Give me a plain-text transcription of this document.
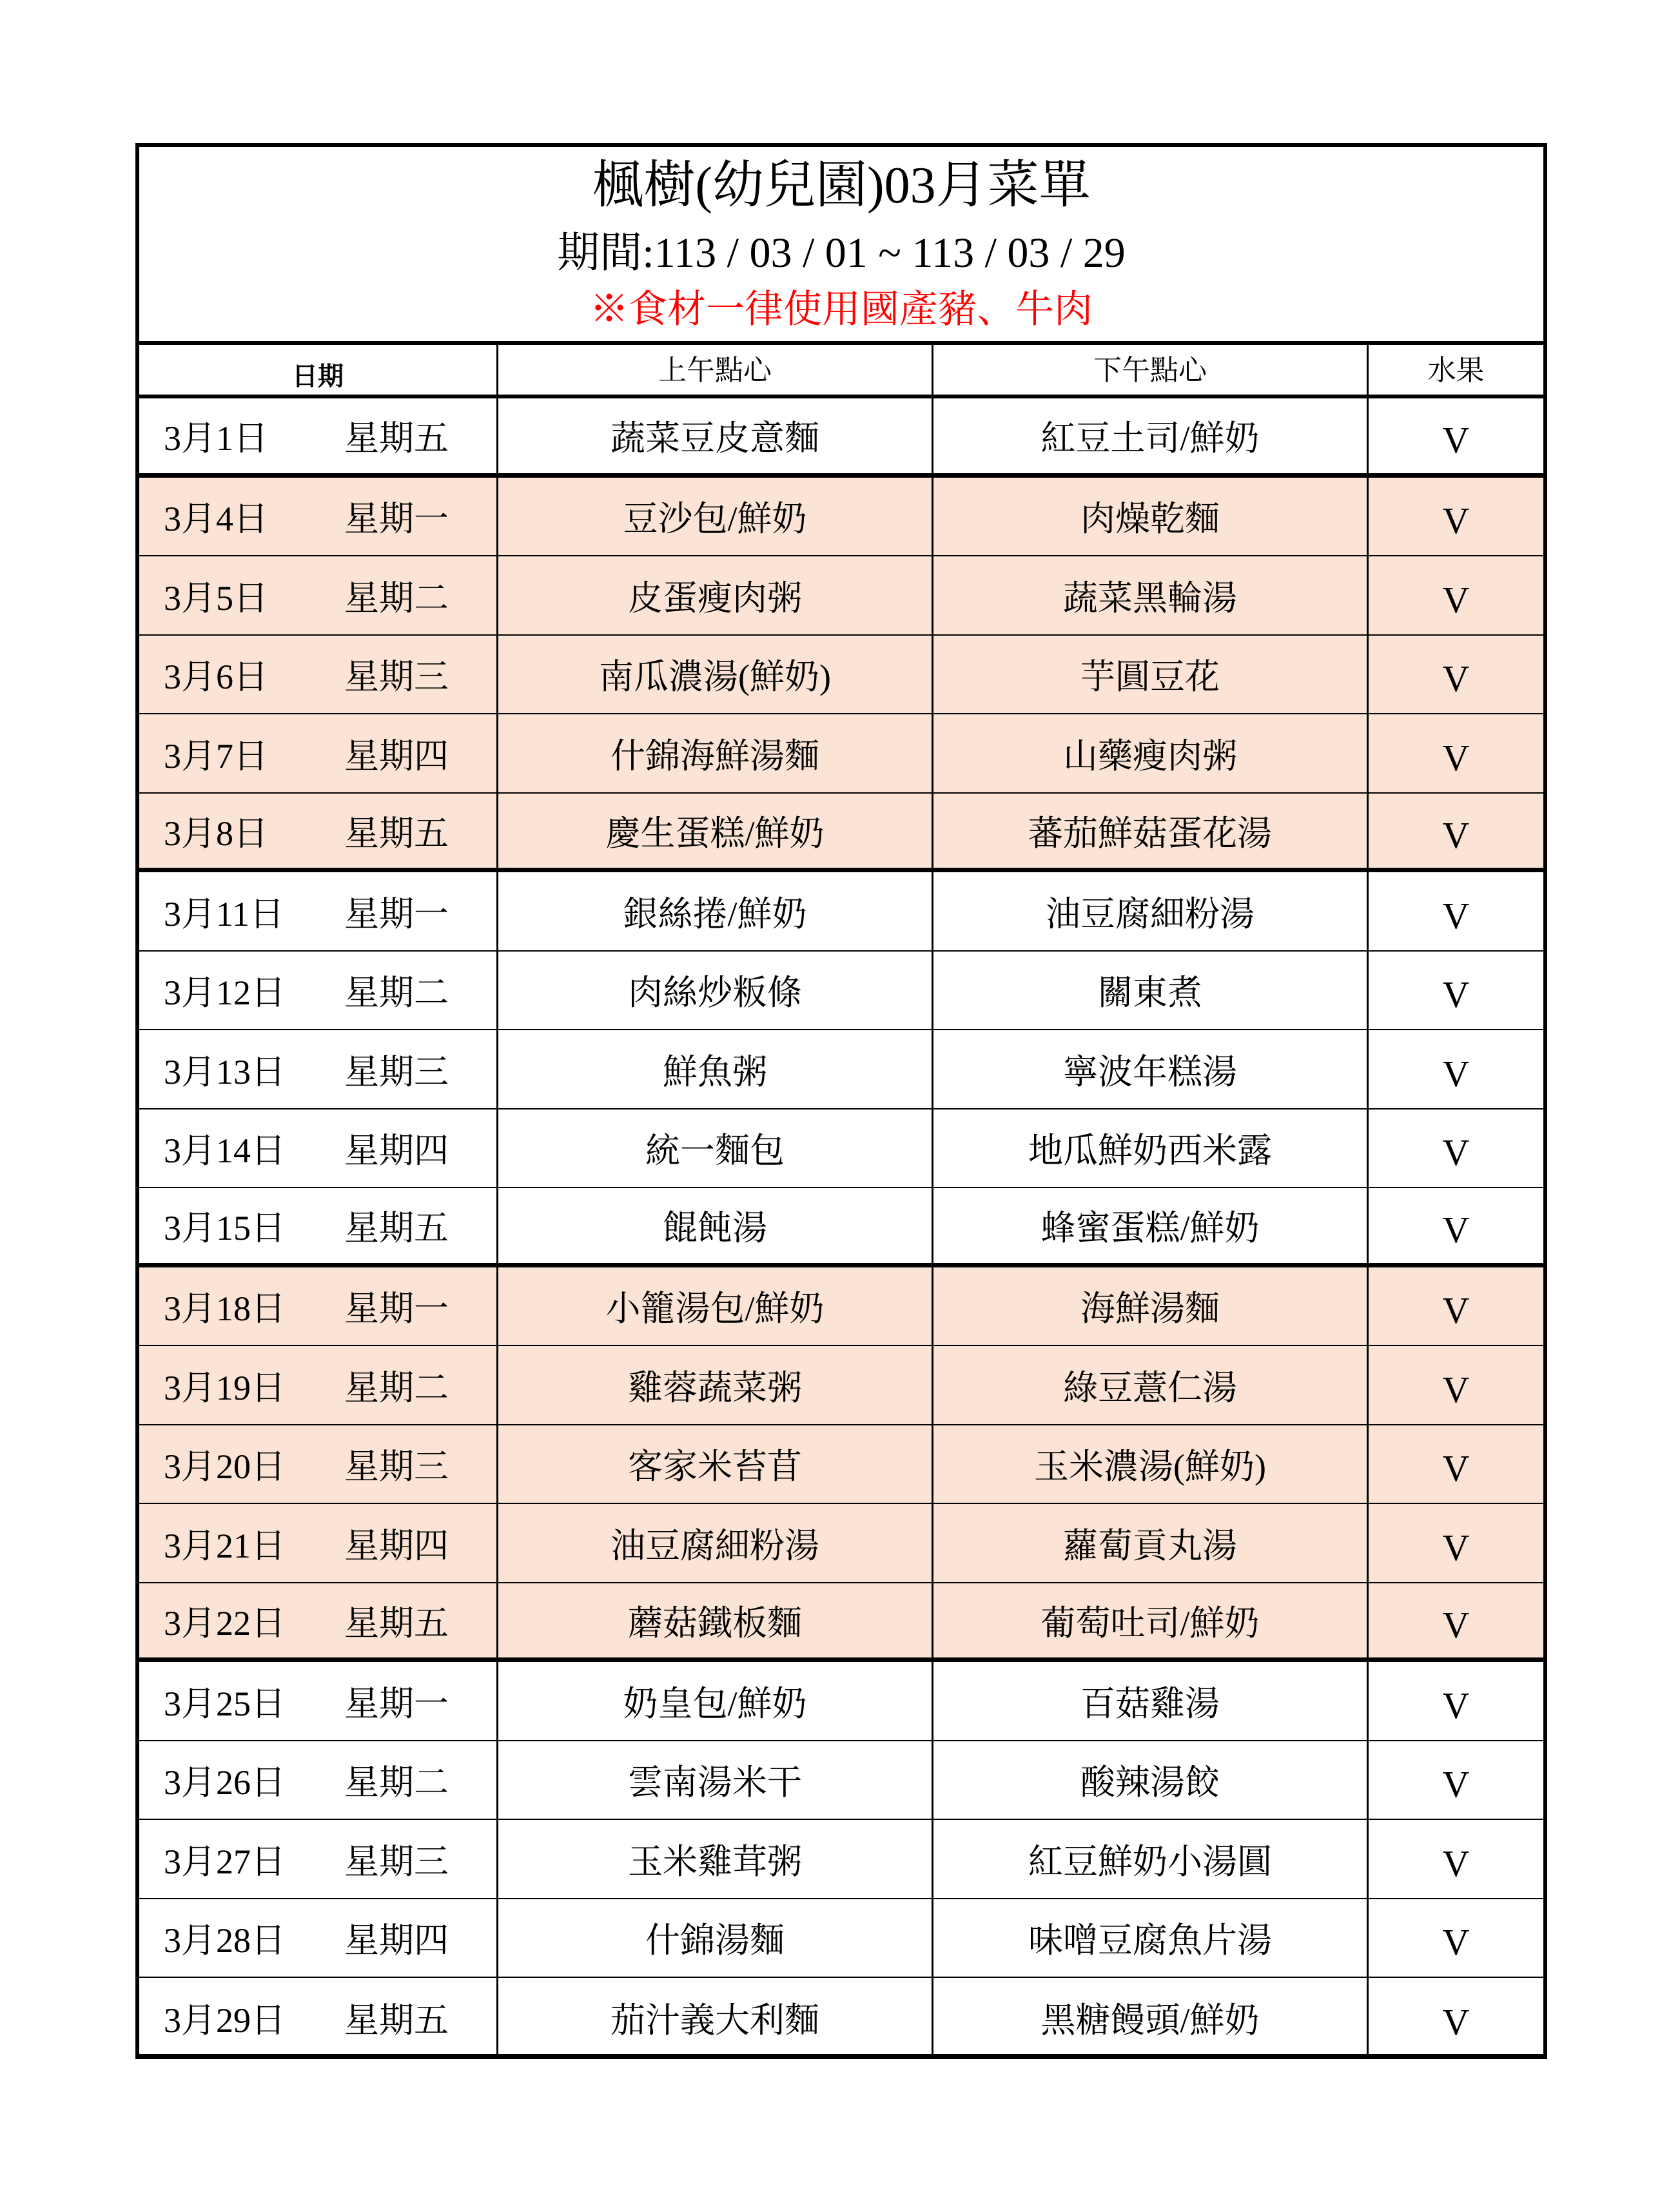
楓樹(幼兒園)03月菜單
期間:113 / 03 / 01 ~ 113 / 03 / 29
※食材一律使用國產豬、牛肉
日期	上午點心	下午點心	水果
3月1日	星期五	蔬菜豆皮意麵	紅豆土司/鮮奶	V
3月4日	星期一	豆沙包/鮮奶	肉燥乾麵	V
3月5日	星期二	皮蛋瘦肉粥	蔬菜黑輪湯	V
3月6日	星期三	南瓜濃湯(鮮奶)	芋圓豆花	V
3月7日	星期四	什錦海鮮湯麵	山藥瘦肉粥	V
3月8日	星期五	慶生蛋糕/鮮奶	蕃茄鮮菇蛋花湯	V
3月11日	星期一	銀絲捲/鮮奶	油豆腐細粉湯	V
3月12日	星期二	肉絲炒粄條	關東煮	V
3月13日	星期三	鮮魚粥	寧波年糕湯	V
3月14日	星期四	統一麵包	地瓜鮮奶西米露	V
3月15日	星期五	餛飩湯	蜂蜜蛋糕/鮮奶	V
3月18日	星期一	小籠湯包/鮮奶	海鮮湯麵	V
3月19日	星期二	雞蓉蔬菜粥	綠豆薏仁湯	V
3月20日	星期三	客家米苔苜	玉米濃湯(鮮奶)	V
3月21日	星期四	油豆腐細粉湯	蘿蔔貢丸湯	V
3月22日	星期五	蘑菇鐵板麵	葡萄吐司/鮮奶	V
3月25日	星期一	奶皇包/鮮奶	百菇雞湯	V
3月26日	星期二	雲南湯米干	酸辣湯餃	V
3月27日	星期三	玉米雞茸粥	紅豆鮮奶小湯圓	V
3月28日	星期四	什錦湯麵	味噌豆腐魚片湯	V
3月29日	星期五	茄汁義大利麵	黑糖饅頭/鮮奶	V
